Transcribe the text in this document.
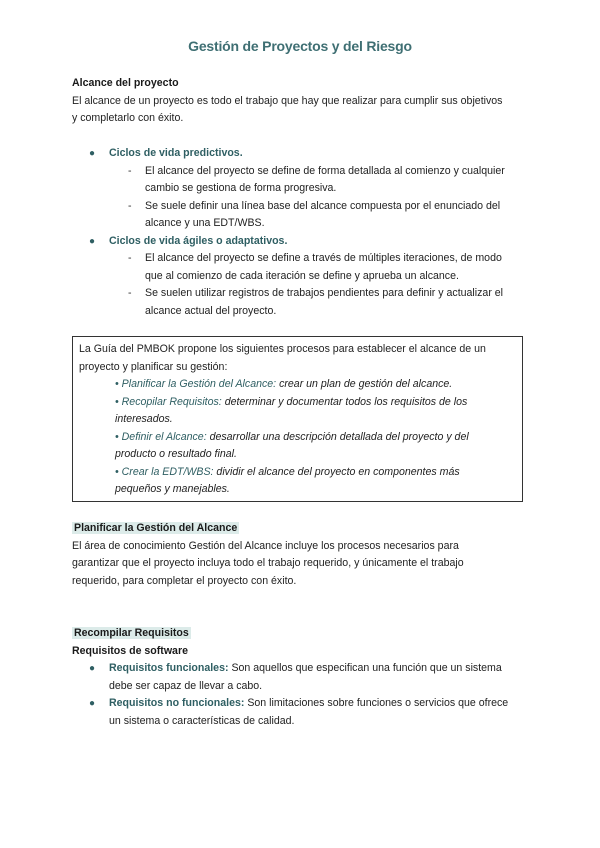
Gestión de Proyectos y del Riesgo
Alcance del proyecto
El alcance de un proyecto es todo el trabajo que hay que realizar para cumplir sus objetivos
y completarlo con éxito.
● Ciclos de vida predictivos.
- El alcance del proyecto se define de forma detallada al comienzo y cualquier
cambio se gestiona de forma progresiva.
- Se suele definir una línea base del alcance compuesta por el enunciado del
alcance y una EDT/WBS.
● Ciclos de vida ágiles o adaptativos.
- El alcance del proyecto se define a través de múltiples iteraciones, de modo
que al comienzo de cada iteración se define y aprueba un alcance.
- Se suelen utilizar registros de trabajos pendientes para definir y actualizar el
alcance actual del proyecto.
La Guía del PMBOK propone los siguientes procesos para establecer el alcance de un
proyecto y planificar su gestión:
• Planificar la Gestión del Alcance: crear un plan de gestión del alcance.
• Recopilar Requisitos: determinar y documentar todos los requisitos de los
interesados.
• Definir el Alcance: desarrollar una descripción detallada del proyecto y del
producto o resultado final.
• Crear la EDT/WBS: dividir el alcance del proyecto en componentes más
pequeños y manejables.
Planificar la Gestión del Alcance
El área de conocimiento Gestión del Alcance incluye los procesos necesarios para
garantizar que el proyecto incluya todo el trabajo requerido, y únicamente el trabajo
requerido, para completar el proyecto con éxito.
Recompilar Requisitos
Requisitos de software
● Requisitos funcionales: Son aquellos que especifican una función que un sistema
debe ser capaz de llevar a cabo.
● Requisitos no funcionales: Son limitaciones sobre funciones o servicios que ofrece
un sistema o características de calidad.
